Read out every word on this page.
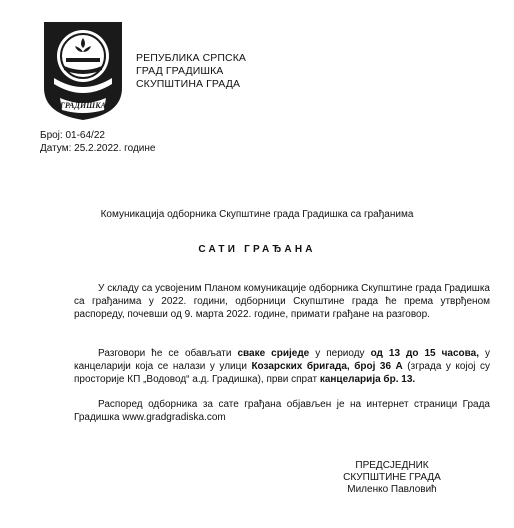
ГРАДИШКА
РЕПУБЛИКА СРПСКА
ГРАД ГРАДИШКА
СКУПШТИНА ГРАДА
Број: 01-64/22
Датум: 25.2.2022. године
Комуникација одборника Скупштине града Градишка са грађанима
САТИ ГРАЂАНА
У складу са усвојеним Планом комуникације одборника Скупштине града Градишка са грађанима у 2022. години, одборници Скупштине града ће према утврђеном распореду, почевши од 9. марта 2022. године, примати грађане на разговор.
Разговори ће се обављати сваке сриједе у периоду од 13 до 15 часова, у канцеларији која се налази у улици Козарских бригада, број 36 А (зграда у којој су просторије КП „Водовод“ а.д. Градишка), први спрат канцеларија бр. 13.
Распоред одборника за сате грађана објављен је на интернет страници Града Градишка www.gradgradiska.com
ПРЕДСЈЕДНИК
СКУПШТИНЕ ГРАДА
Миленко Павловић
